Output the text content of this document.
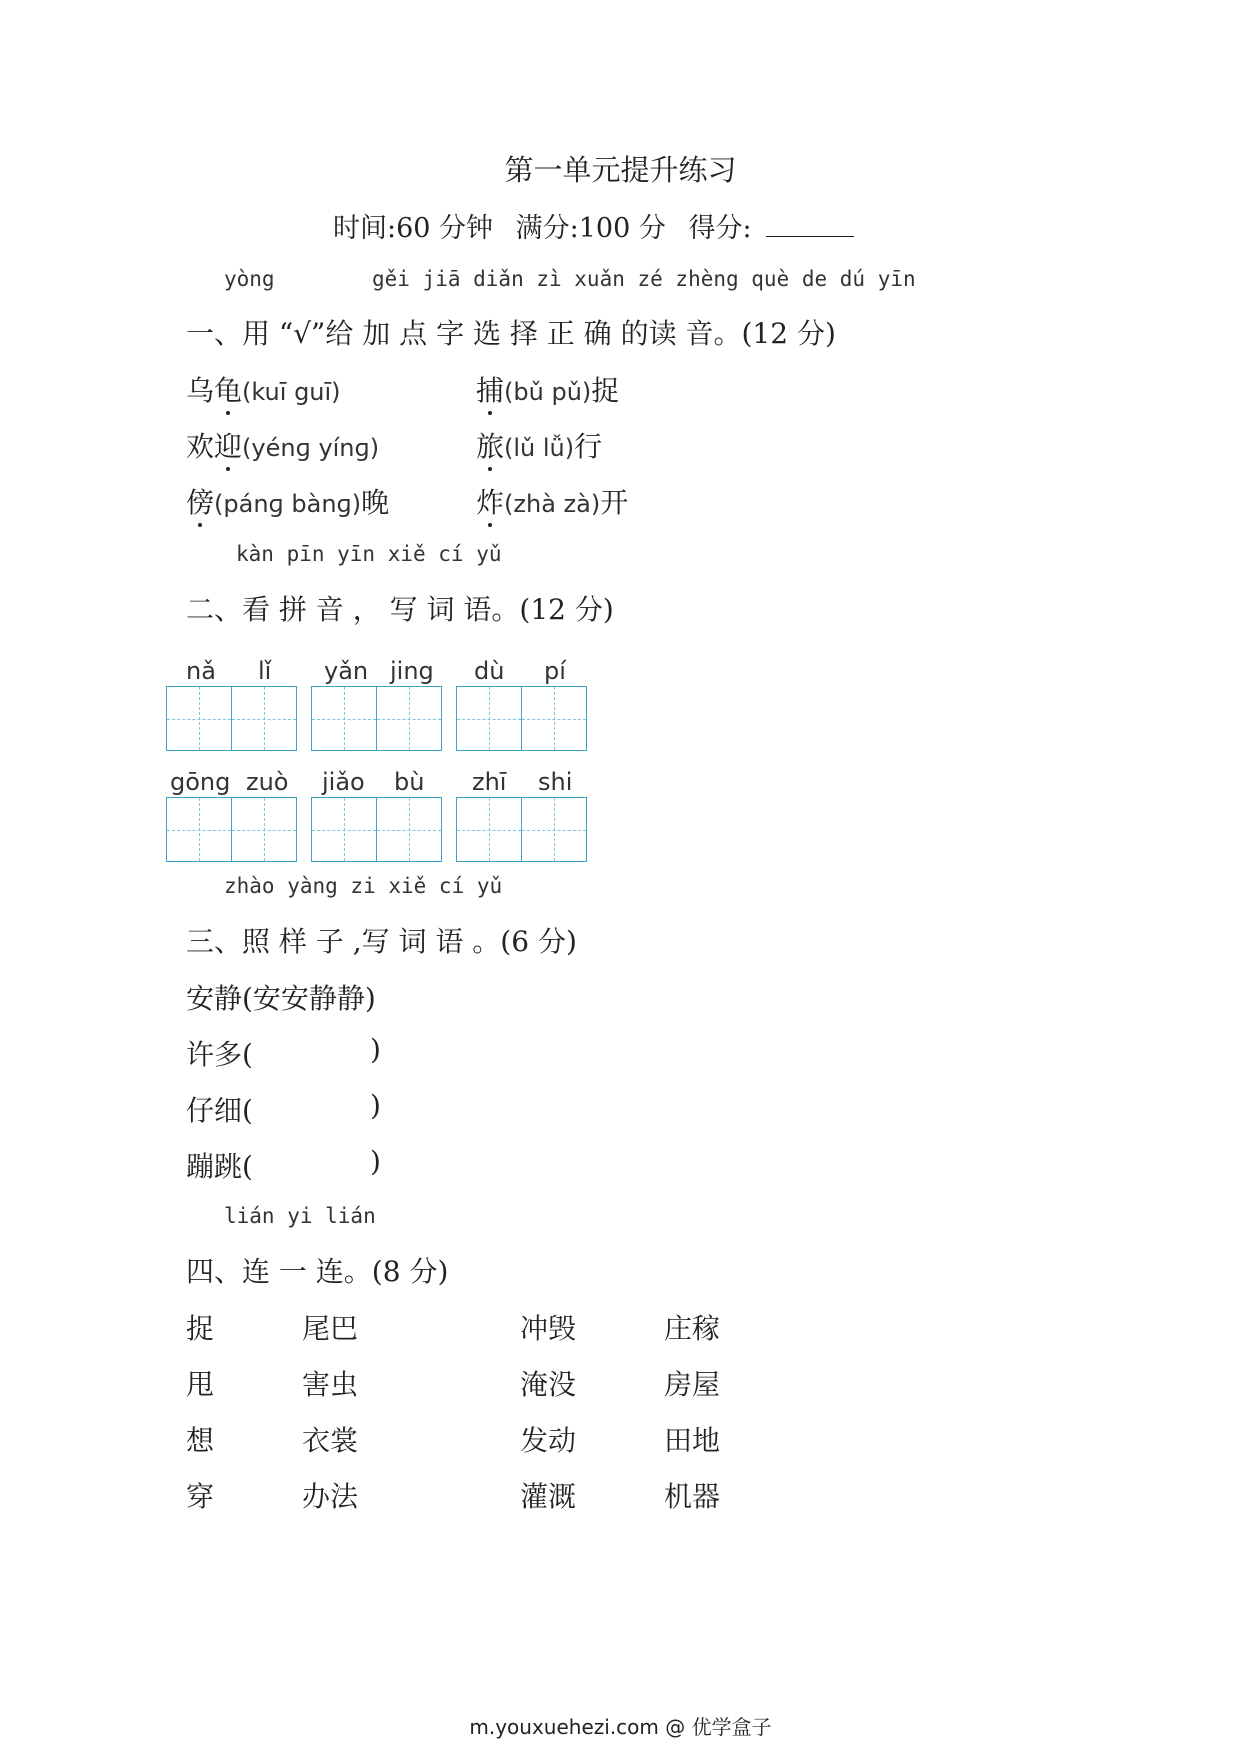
第一单元提升练习
时间:60 分钟 满分:100 分 得分:
yòng	gěi jiā diǎn zì xuǎn zé zhèng què de dú yīn
一、用 “√”给 加 点 字 选 择 正 确 的读 音。(12 分)
乌龟(kuī guī)	捕(bǔ pǔ)捉
欢迎(yénɡ yínɡ)	旅(lǔ lǚ)行
傍(pánɡ bànɡ)晚	炸(zhà zà)开
kàn pīn yīn xiě cí yǔ
二、看 拼 音 ， 写 词 语。(12 分)
nǎ lǐ yǎn jing dù pí
gōng zuò jiǎo bù zhī shi
zhào yàng zi xiě cí yǔ
三、照 样 子 ,写 词 语 。(6 分)
安静(安安静静)
许多(	)
仔细(	)
蹦跳(	)
lián yi lián
四、连 一 连。(8 分)
捉	尾巴	冲毁	庄稼
甩	害虫	淹没	房屋
想	衣裳	发动	田地
穿	办法	灌溉	机器
m.youxuehezi.com @ 优学盒子
